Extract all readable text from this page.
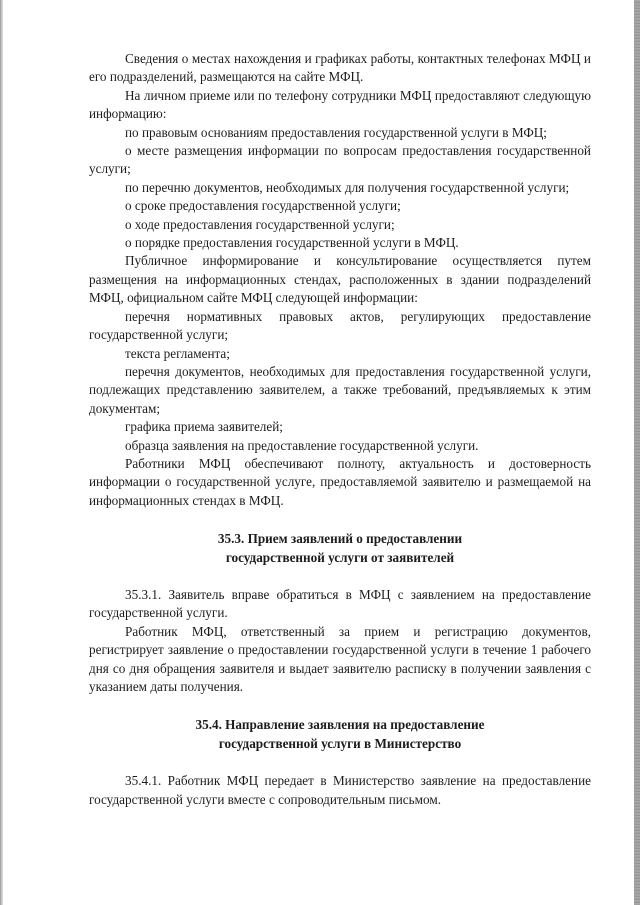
Сведения о местах нахождения и графиках работы, контактных телефонах МФЦ и его подразделений, размещаются на сайте МФЦ.

На личном приеме или по телефону сотрудники МФЦ предоставляют следующую информацию:

по правовым основаниям предоставления государственной услуги в МФЦ;

о месте размещения информации по вопросам предоставления государственной услуги;

по перечню документов, необходимых для получения государственной услуги;

о сроке предоставления государственной услуги;

о ходе предоставления государственной услуги;

о порядке предоставления государственной услуги в МФЦ.

Публичное информирование и консультирование осуществляется путем размещения на информационных стендах, расположенных в здании подразделений МФЦ, официальном сайте МФЦ следующей информации:

перечня нормативных правовых актов, регулирующих предоставление государственной услуги;

текста регламента;

перечня документов, необходимых для предоставления государственной услуги, подлежащих представлению заявителем, а также требований, предъявляемых к этим документам;

графика приема заявителей;

образца заявления на предоставление государственной услуги.

Работники МФЦ обеспечивают полноту, актуальность и достоверность информации о государственной услуге, предоставляемой заявителю и размещаемой на информационных стендах в МФЦ.

35.3. Прием заявлений о предоставлении
государственной услуги от заявителей

35.3.1. Заявитель вправе обратиться в МФЦ с заявлением на предоставление государственной услуги.

Работник МФЦ, ответственный за прием и регистрацию документов, регистрирует заявление о предоставлении государственной услуги в течение 1 рабочего дня со дня обращения заявителя и выдает заявителю расписку в получении заявления с указанием даты получения.

35.4. Направление заявления на предоставление
государственной услуги в Министерство

35.4.1. Работник МФЦ передает в Министерство заявление на предоставление государственной услуги вместе с сопроводительным письмом.
